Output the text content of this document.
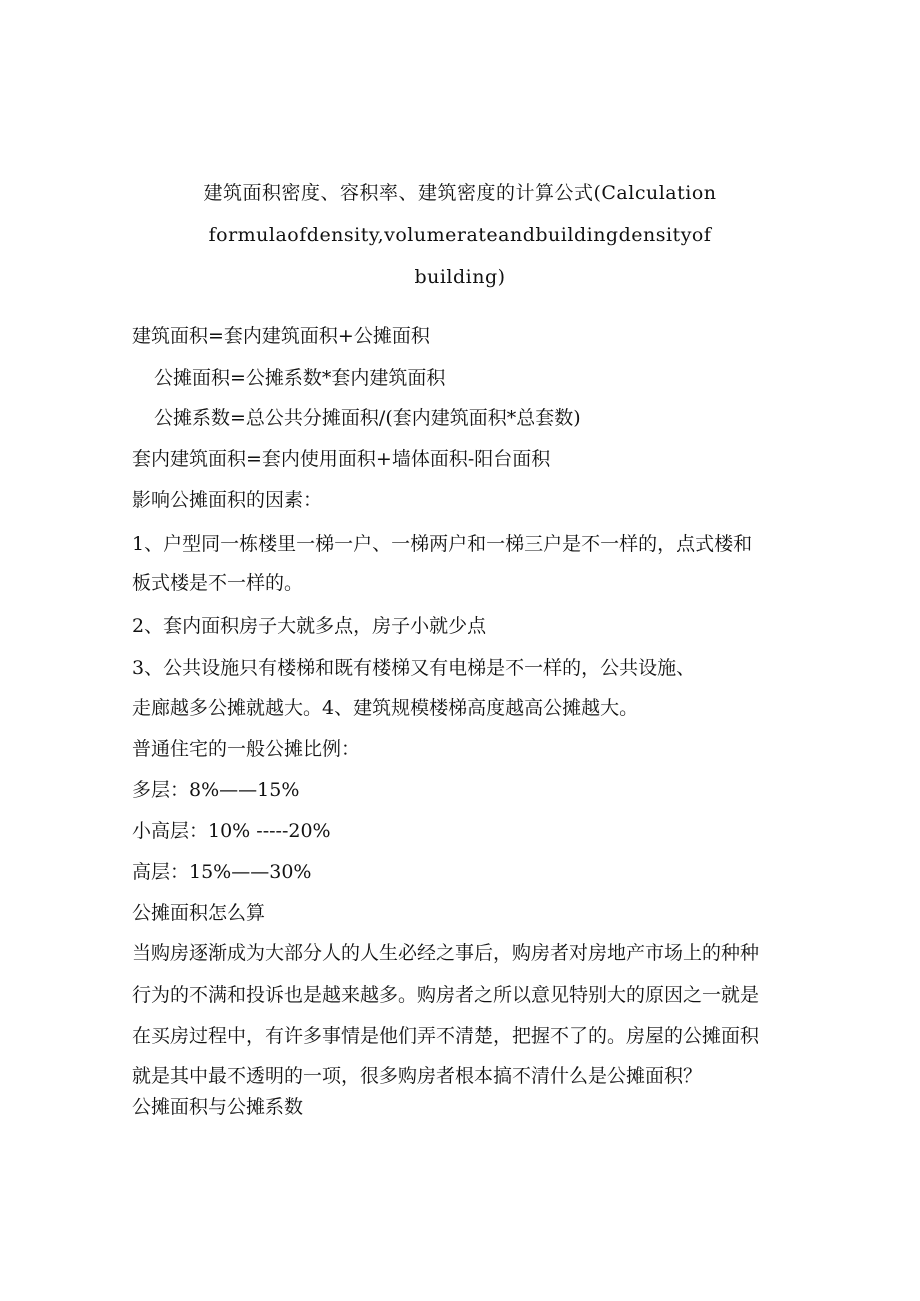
建筑面积密度、容积率、建筑密度的计算公式(Calculation
formulaofdensity,volumerateandbuildingdensityof
building)
建筑面积=套内建筑面积+公摊面积
公摊面积=公摊系数*套内建筑面积
公摊系数=总公共分摊面积/(套内建筑面积*总套数)
套内建筑面积=套内使用面积+墙体面积-阳台面积
影响公摊面积的因素：
1、户型同一栋楼里一梯一户、一梯两户和一梯三户是不一样的，点式楼和
板式楼是不一样的。
2、套内面积房子大就多点，房子小就少点
3、公共设施只有楼梯和既有楼梯又有电梯是不一样的，公共设施、
走廊越多公摊就越大。4、建筑规模楼梯高度越高公摊越大。
普通住宅的一般公摊比例：
多层：8%——15%
小高层：10% -----20%
高层：15%——30%
公摊面积怎么算
当购房逐渐成为大部分人的人生必经之事后，购房者对房地产市场上的种种
行为的不满和投诉也是越来越多。购房者之所以意见特别大的原因之一就是
在买房过程中，有许多事情是他们弄不清楚，把握不了的。房屋的公摊面积
就是其中最不透明的一项，很多购房者根本搞不清什么是公摊面积？
公摊面积与公摊系数
